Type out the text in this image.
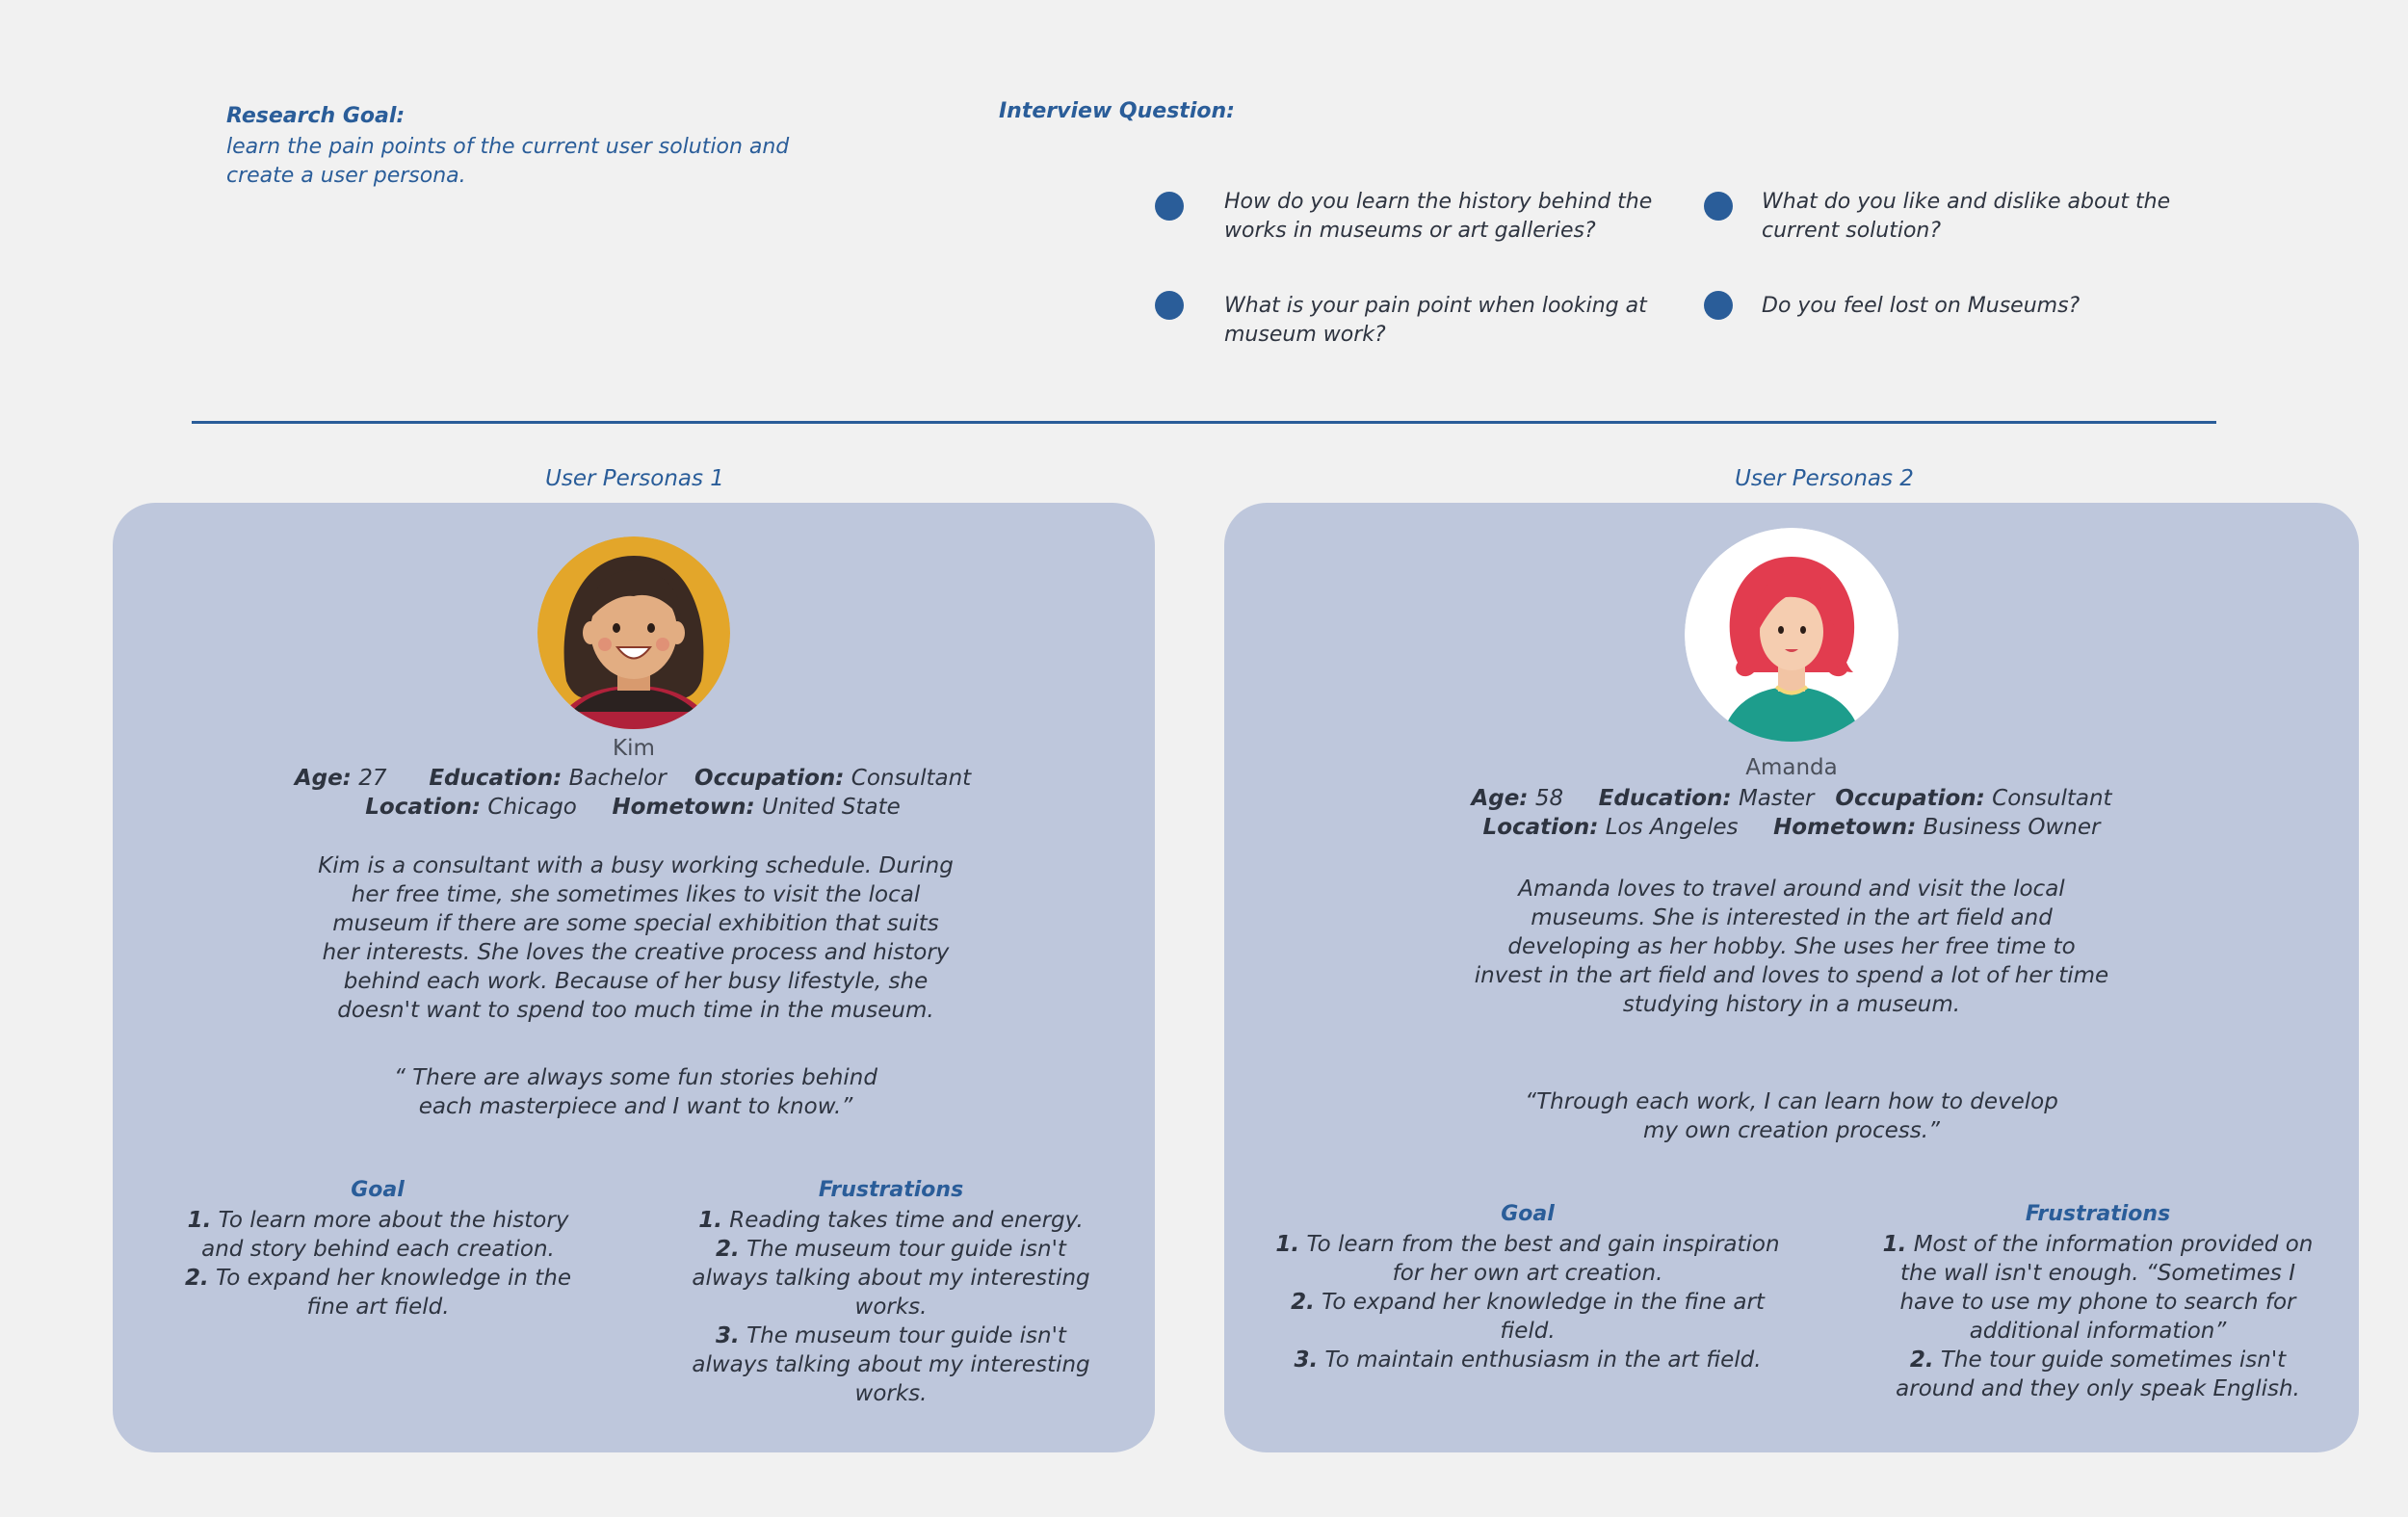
Research Goal:
learn the pain points of the current user solution and create a user persona.
Interview Question:
How do you learn the history behind the works in museums or art galleries?
What do you like and dislike about the current solution?
What is your pain point when looking at museum work?
Do you feel lost on Museums?
User Personas 1	User Personas 2
Kim
Age: 27 Education: Bachelor Occupation: Consultant
Location: Chicago Hometown: United State
Kim is a consultant with a busy working schedule. During her free time, she sometimes likes to visit the local museum if there are some special exhibition that suits her interests. She loves the creative process and history behind each work. Because of her busy lifestyle, she doesn't want to spend too much time in the museum.
“ There are always some fun stories behind each masterpiece and I want to know.”
Goal
1. To learn more about the history and story behind each creation.
2. To expand her knowledge in the fine art field.
Frustrations
1. Reading takes time and energy.
2. The museum tour guide isn't always talking about my interesting works.
3. The museum tour guide isn't always talking about my interesting works.
Amanda
Age: 58 Education: Master Occupation: Consultant
Location: Los Angeles Hometown: Business Owner
Amanda loves to travel around and visit the local museums. She is interested in the art field and developing as her hobby. She uses her free time to invest in the art field and loves to spend a lot of her time studying history in a museum.
“Through each work, I can learn how to develop my own creation process.”
Goal
1. To learn from the best and gain inspiration for her own art creation.
2. To expand her knowledge in the fine art field.
3. To maintain enthusiasm in the art field.
Frustrations
1. Most of the information provided on the wall isn't enough. “Sometimes I have to use my phone to search for additional information”
2. The tour guide sometimes isn't around and they only speak English.
